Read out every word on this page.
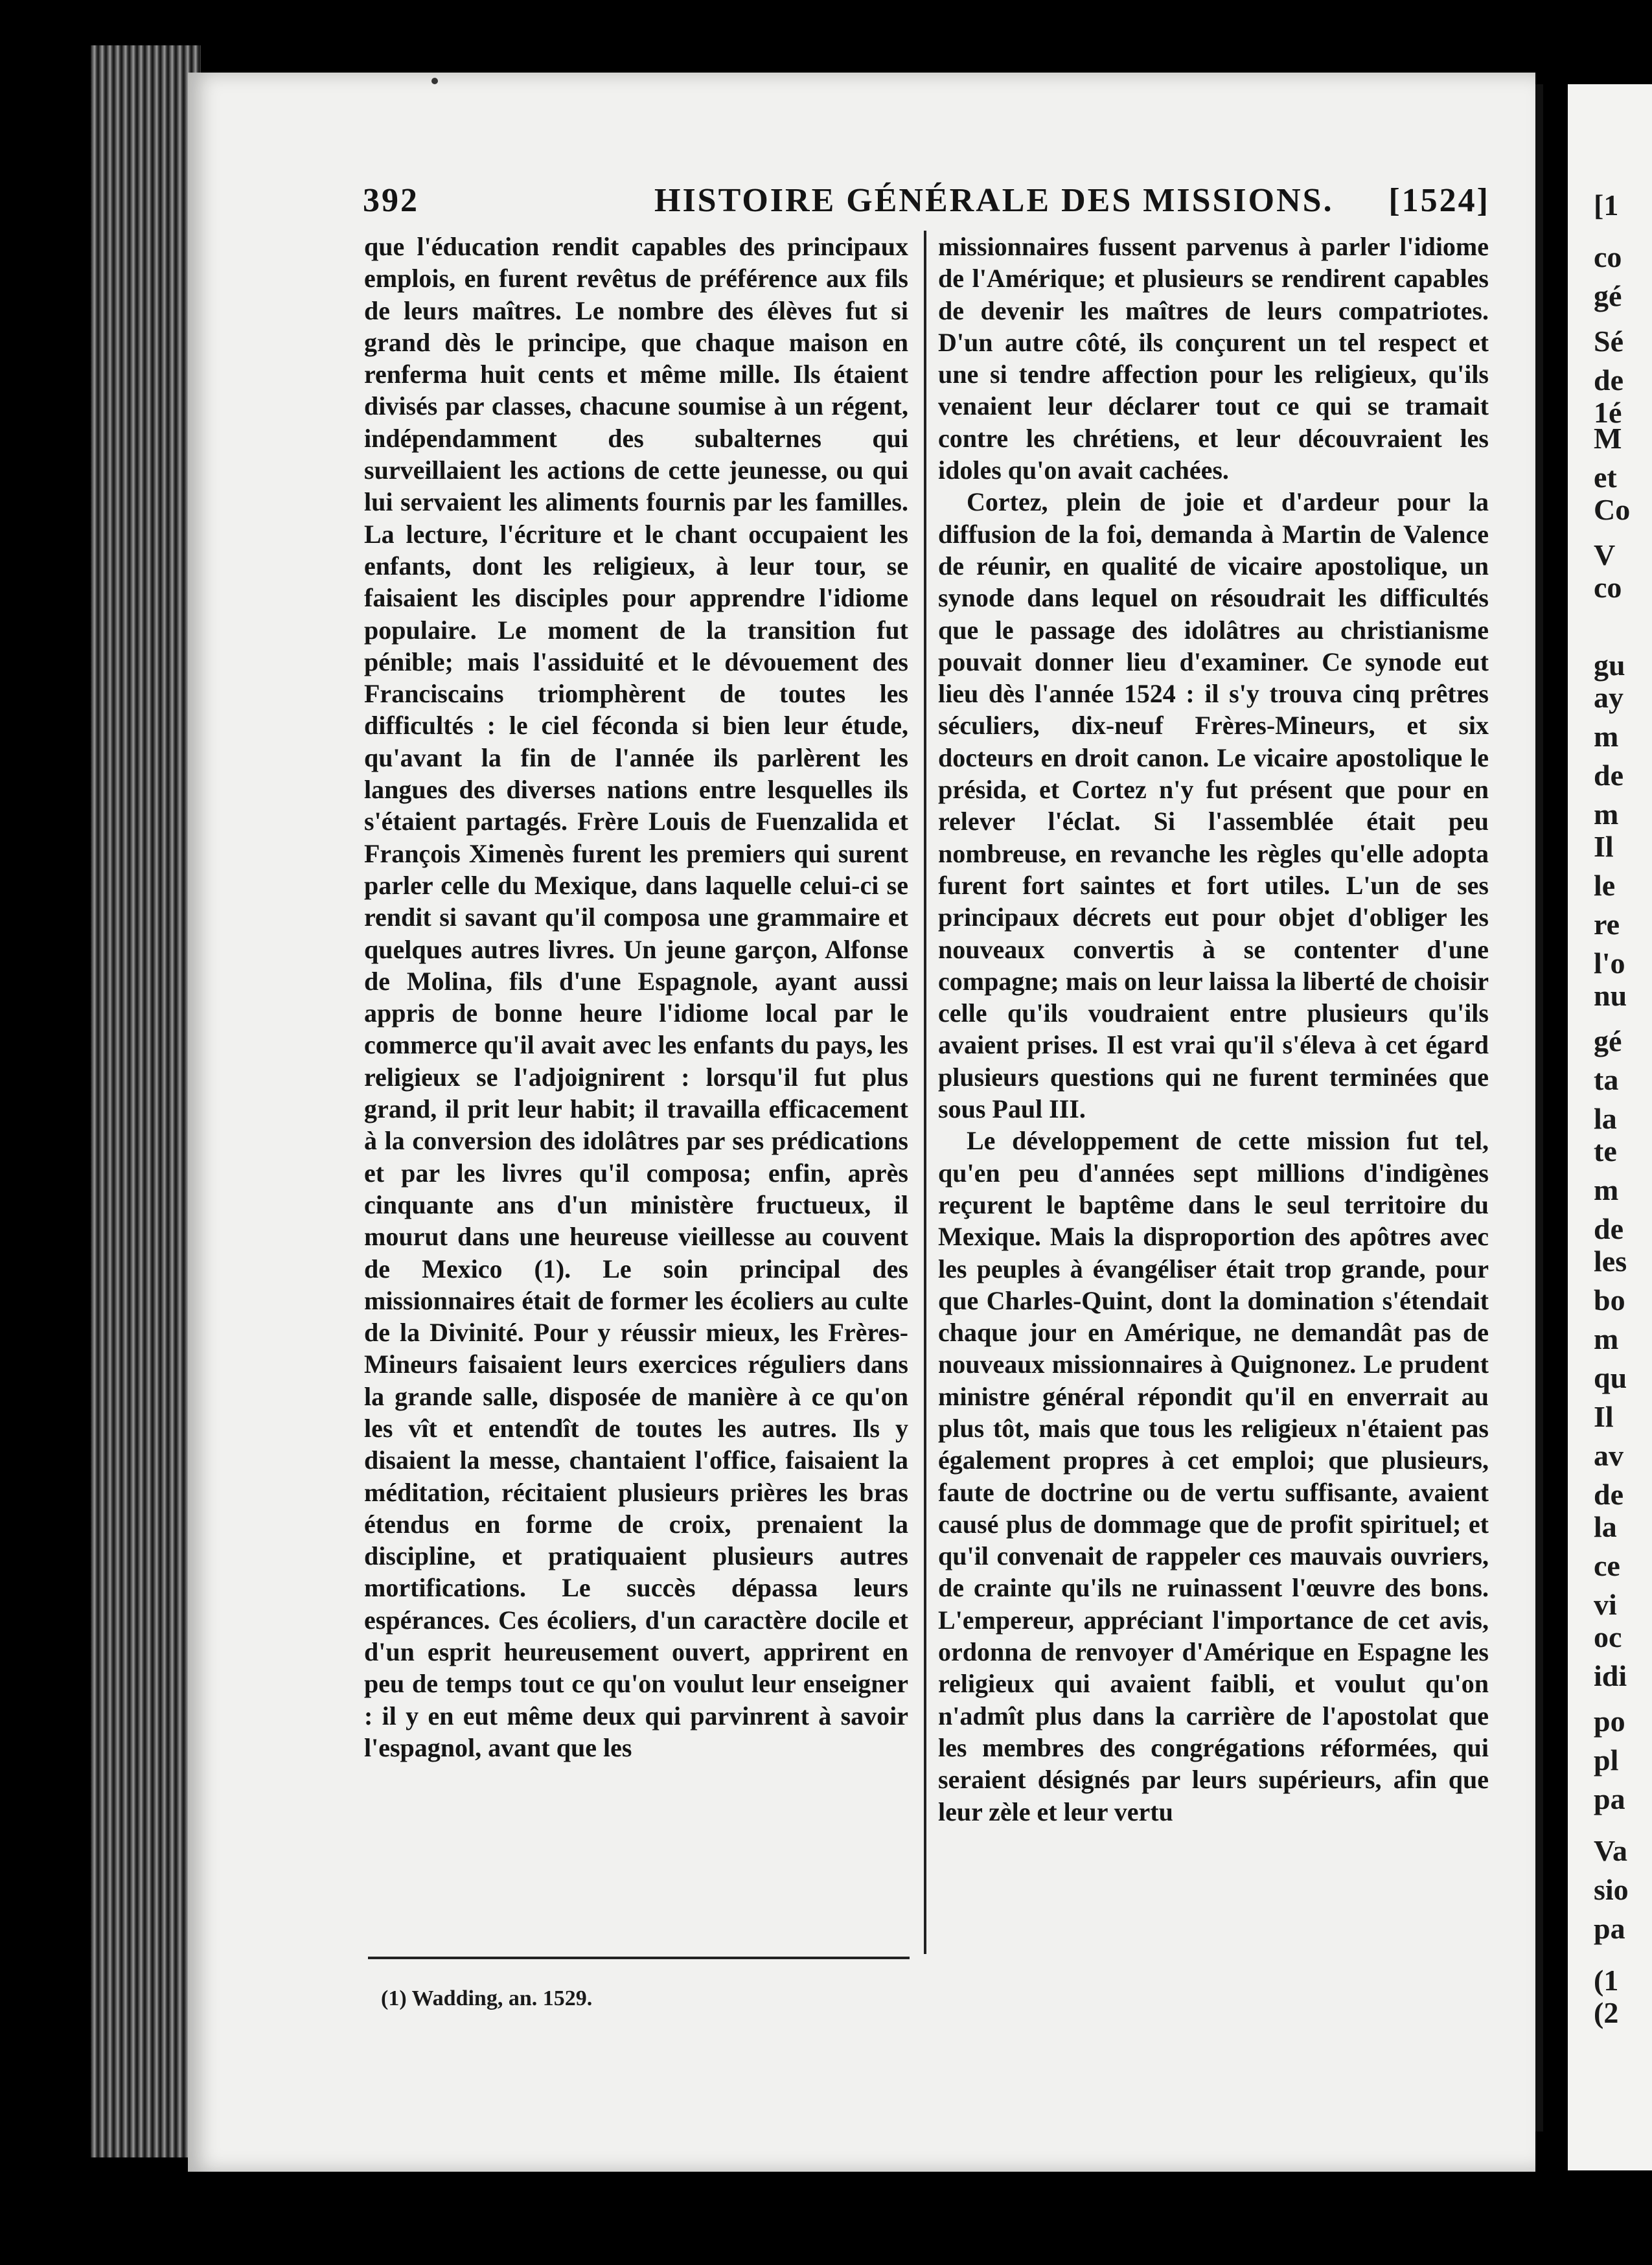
[1
co
gé
Sé
de
1é
M
et
Co
V
co
gu
ay
m
de
m
Il
le
re
l'o
nu
gé
ta
la
te
m
de
les
bo
m
qu
Il
av
de
la
ce
vi
oc
idi
po
pl
pa
Va
sio
pa
(1
(2
392	HISTOIRE GÉNÉRALE DES MISSIONS. [1524]

que l'éducation rendit capables des principaux emplois, en furent revêtus de préférence aux fils de leurs maîtres. Le nombre des élèves fut si grand dès le principe, que chaque maison en renferma huit cents et même mille. Ils étaient divisés par classes, chacune soumise à un régent, indépendamment des subalternes qui surveillaient les actions de cette jeunesse, ou qui lui servaient les aliments fournis par les familles. La lecture, l'écriture et le chant occupaient les enfants, dont les religieux, à leur tour, se faisaient les disciples pour apprendre l'idiome populaire. Le moment de la transition fut pénible; mais l'assiduité et le dévouement des Franciscains triomphèrent de toutes les difficultés : le ciel féconda si bien leur étude, qu'avant la fin de l'année ils parlèrent les langues des diverses nations entre lesquelles ils s'étaient partagés. Frère Louis de Fuenzalida et François Ximenès furent les premiers qui surent parler celle du Mexique, dans laquelle celui-ci se rendit si savant qu'il composa une grammaire et quelques autres livres. Un jeune garçon, Alfonse de Molina, fils d'une Espagnole, ayant aussi appris de bonne heure l'idiome local par le commerce qu'il avait avec les enfants du pays, les religieux se l'adjoignirent : lorsqu'il fut plus grand, il prit leur habit; il travailla efficacement à la conversion des idolâtres par ses prédications et par les livres qu'il composa; enfin, après cinquante ans d'un ministère fructueux, il mourut dans une heureuse vieillesse au couvent de Mexico (1). Le soin principal des missionnaires était de former les écoliers au culte de la Divinité. Pour y réussir mieux, les Frères-Mineurs faisaient leurs exercices réguliers dans la grande salle, disposée de manière à ce qu'on les vît et entendît de toutes les autres. Ils y disaient la messe, chantaient l'office, faisaient la méditation, récitaient plusieurs prières les bras étendus en forme de croix, prenaient la discipline, et pratiquaient plusieurs autres mortifications. Le succès dépassa leurs espérances. Ces écoliers, d'un caractère docile et d'un esprit heureusement ouvert, apprirent en peu de temps tout ce qu'on voulut leur enseigner : il y en eut même deux qui parvinrent à savoir l'espagnol, avant que les

missionnaires fussent parvenus à parler l'idiome de l'Amérique; et plusieurs se rendirent capables de devenir les maîtres de leurs compatriotes. D'un autre côté, ils conçurent un tel respect et une si tendre affection pour les religieux, qu'ils venaient leur déclarer tout ce qui se tramait contre les chrétiens, et leur découvraient les idoles qu'on avait cachées.

Cortez, plein de joie et d'ardeur pour la diffusion de la foi, demanda à Martin de Valence de réunir, en qualité de vicaire apostolique, un synode dans lequel on résoudrait les difficultés que le passage des idolâtres au christianisme pouvait donner lieu d'examiner. Ce synode eut lieu dès l'année 1524 : il s'y trouva cinq prêtres séculiers, dix-neuf Frères-Mineurs, et six docteurs en droit canon. Le vicaire apostolique le présida, et Cortez n'y fut présent que pour en relever l'éclat. Si l'assemblée était peu nombreuse, en revanche les règles qu'elle adopta furent fort saintes et fort utiles. L'un de ses principaux décrets eut pour objet d'obliger les nouveaux convertis à se contenter d'une compagne; mais on leur laissa la liberté de choisir celle qu'ils voudraient entre plusieurs qu'ils avaient prises. Il est vrai qu'il s'éleva à cet égard plusieurs questions qui ne furent terminées que sous Paul III.

Le développement de cette mission fut tel, qu'en peu d'années sept millions d'indigènes reçurent le baptême dans le seul territoire du Mexique. Mais la disproportion des apôtres avec les peuples à évangéliser était trop grande, pour que Charles-Quint, dont la domination s'étendait chaque jour en Amérique, ne demandât pas de nouveaux missionnaires à Quignonez. Le prudent ministre général répondit qu'il en enverrait au plus tôt, mais que tous les religieux n'étaient pas également propres à cet emploi; que plusieurs, faute de doctrine ou de vertu suffisante, avaient causé plus de dommage que de profit spirituel; et qu'il convenait de rappeler ces mauvais ouvriers, de crainte qu'ils ne ruinassent l'œuvre des bons. L'empereur, appréciant l'importance de cet avis, ordonna de renvoyer d'Amérique en Espagne les religieux qui avaient faibli, et voulut qu'on n'admît plus dans la carrière de l'apostolat que les membres des congrégations réformées, qui seraient désignés par leurs supérieurs, afin que leur zèle et leur vertu

(1) Wadding, an. 1529.
